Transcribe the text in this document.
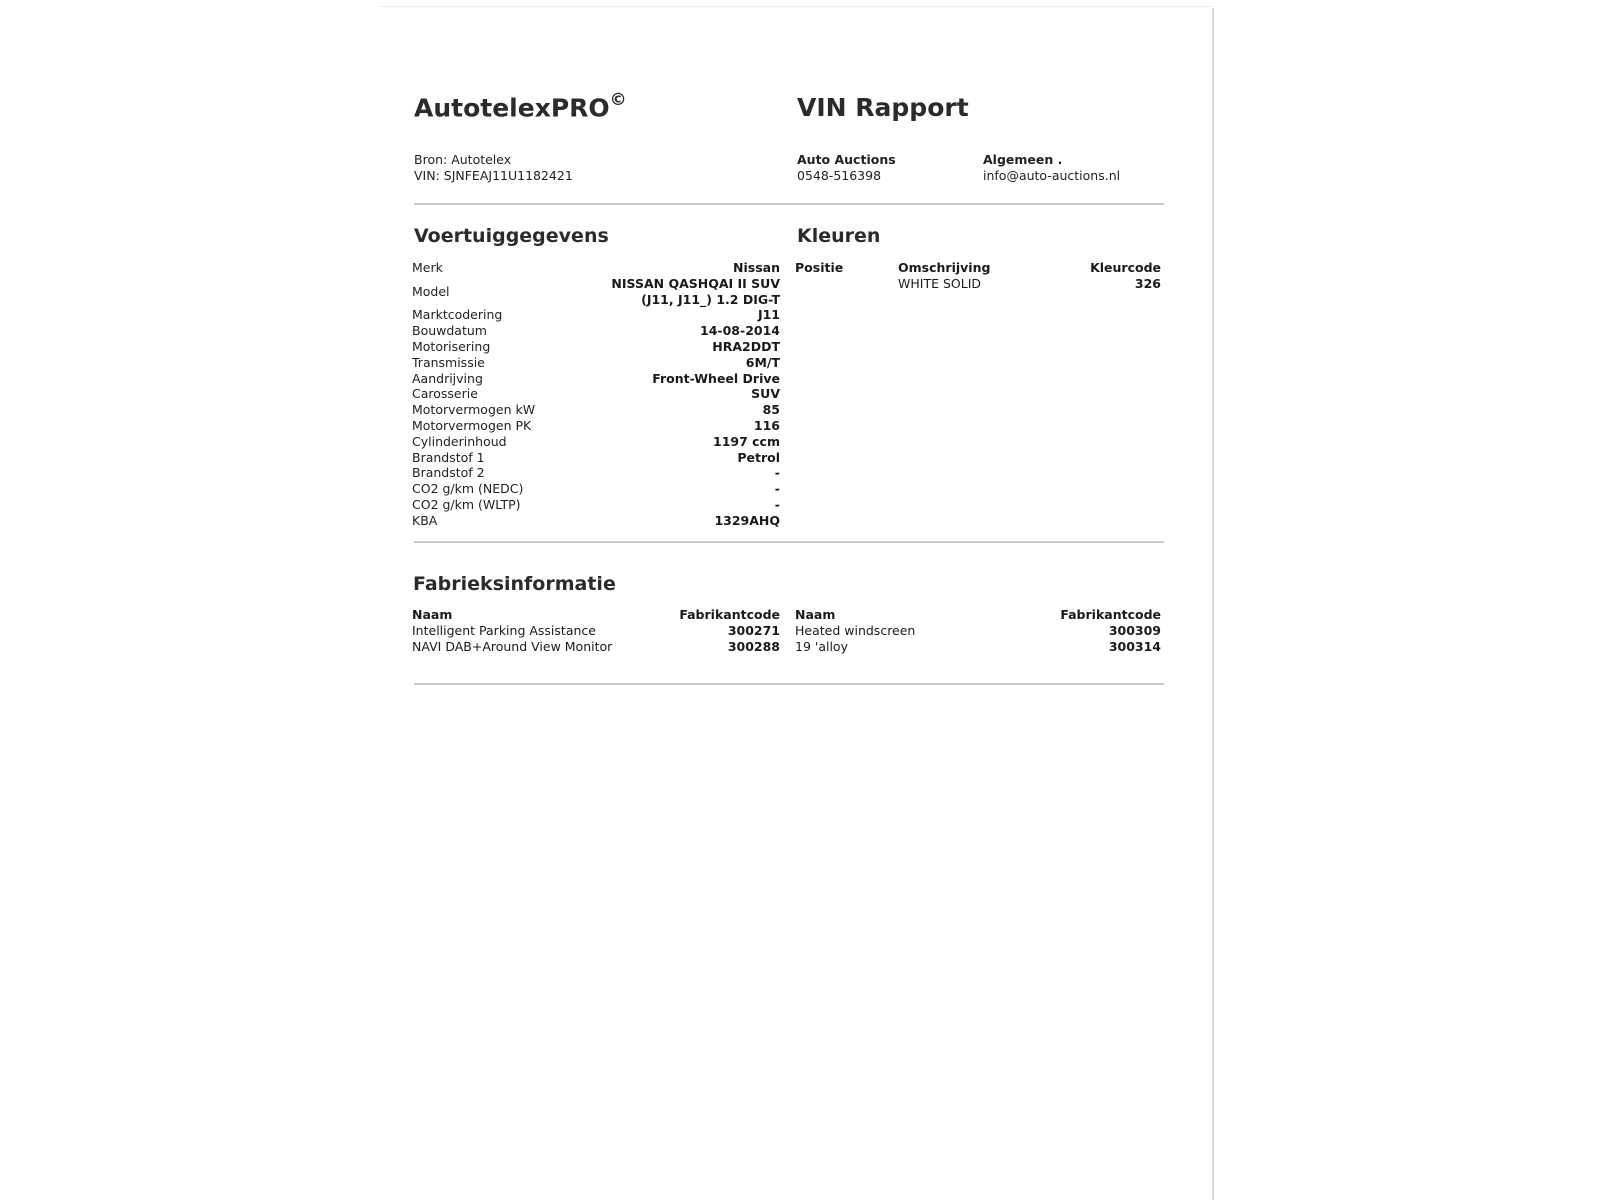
AutotelexPRO©	VIN Rapport
Bron: Autotelex
VIN: SJNFEAJ11U1182421
Auto Auctions
0548-516398
Algemeen .
info@auto-auctions.nl
Voertuiggegevens	Kleuren
Merk	Nissan
Model	NISSAN QASHQAI II SUV (J11, J11_) 1.2 DIG-T
Marktcodering	J11
Bouwdatum	14-08-2014
Motorisering	HRA2DDT
Transmissie	6M/T
Aandrijving	Front-Wheel Drive
Carosserie	SUV
Motorvermogen kW	85
Motorvermogen PK	116
Cylinderinhoud	1197 ccm
Brandstof 1	Petrol
Brandstof 2	-
CO2 g/km (NEDC)	-
CO2 g/km (WLTP)	-
KBA	1329AHQ
Positie	Omschrijving	Kleurcode
	WHITE SOLID	326
Fabrieksinformatie
Naam	Fabrikantcode
Intelligent Parking Assistance	300271
NAVI DAB+Around View Monitor	300288
Naam	Fabrikantcode
Heated windscreen	300309
19 'alloy	300314
